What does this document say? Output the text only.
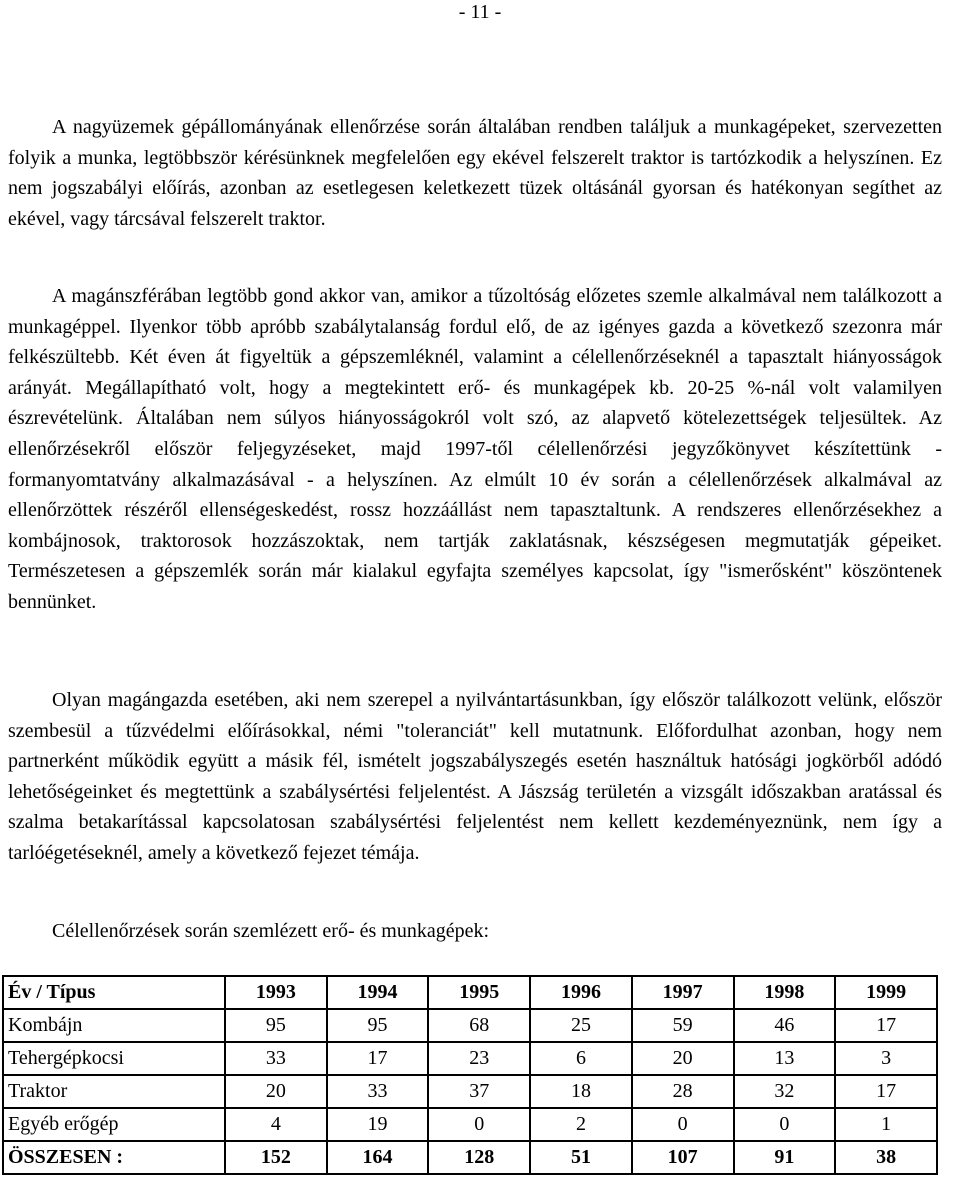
- 11 -

A nagyüzemek gépállományának ellenőrzése során általában rendben találjuk a munkagépeket, szervezetten folyik a munka, legtöbbször kérésünknek megfelelően egy ekével felszerelt traktor is tartózkodik a helyszínen. Ez nem jogszabályi előírás, azonban az esetlegesen keletkezett tüzek oltásánál gyorsan és hatékonyan segíthet az ekével, vagy tárcsával felszerelt traktor.

A magánszférában legtöbb gond akkor van, amikor a tűzoltóság előzetes szemle alkalmával nem találkozott a munkagéppel. Ilyenkor több apróbb szabálytalanság fordul elő, de az igényes gazda a következő szezonra már felkészültebb. Két éven át figyeltük a gépszemléknél, valamint a célellenőrzéseknél a tapasztalt hiányosságok arányát. Megállapítható volt, hogy a megtekintett erő- és munkagépek kb. 20-25 %-nál volt valamilyen észrevételünk. Általában nem súlyos hiányosságokról volt szó, az alapvető kötelezettségek teljesültek. Az ellenőrzésekről először feljegyzéseket, majd 1997-től célellenőrzési jegyzőkönyvet készítettünk - formanyomtatvány alkalmazásával - a helyszínen. Az elmúlt 10 év során a célellenőrzések alkalmával az ellenőrzöttek részéről ellenségeskedést, rossz hozzáállást nem tapasztaltunk. A rendszeres ellenőrzésekhez a kombájnosok, traktorosok hozzászoktak, nem tartják zaklatásnak, készségesen megmutatják gépeiket. Természetesen a gépszemlék során már kialakul egyfajta személyes kapcsolat, így "ismerősként" köszöntenek bennünket.

Olyan magángazda esetében, aki nem szerepel a nyilvántartásunkban, így először találkozott velünk, először szembesül a tűzvédelmi előírásokkal, némi "toleranciát" kell mutatnunk. Előfordulhat azonban, hogy nem partnerként működik együtt a másik fél, ismételt jogszabályszegés esetén használtuk hatósági jogkörből adódó lehetőségeinket és megtettünk a szabálysértési feljelentést. A Jászság területén a vizsgált időszakban aratással és szalma betakarítással kapcsolatosan szabálysértési feljelentést nem kellett kezdeményeznünk, nem így a tarlóégetéseknél, amely a következő fejezet témája.

Célellenőrzések során szemlézett erő- és munkagépek:

Év / Típus	1993	1994	1995	1996	1997	1998	1999
Kombájn	95	95	68	25	59	46	17
Tehergépkocsi	33	17	23	6	20	13	3
Traktor	20	33	37	18	28	32	17
Egyéb erőgép	4	19	0	2	0	0	1
ÖSSZESEN :	152	164	128	51	107	91	38
